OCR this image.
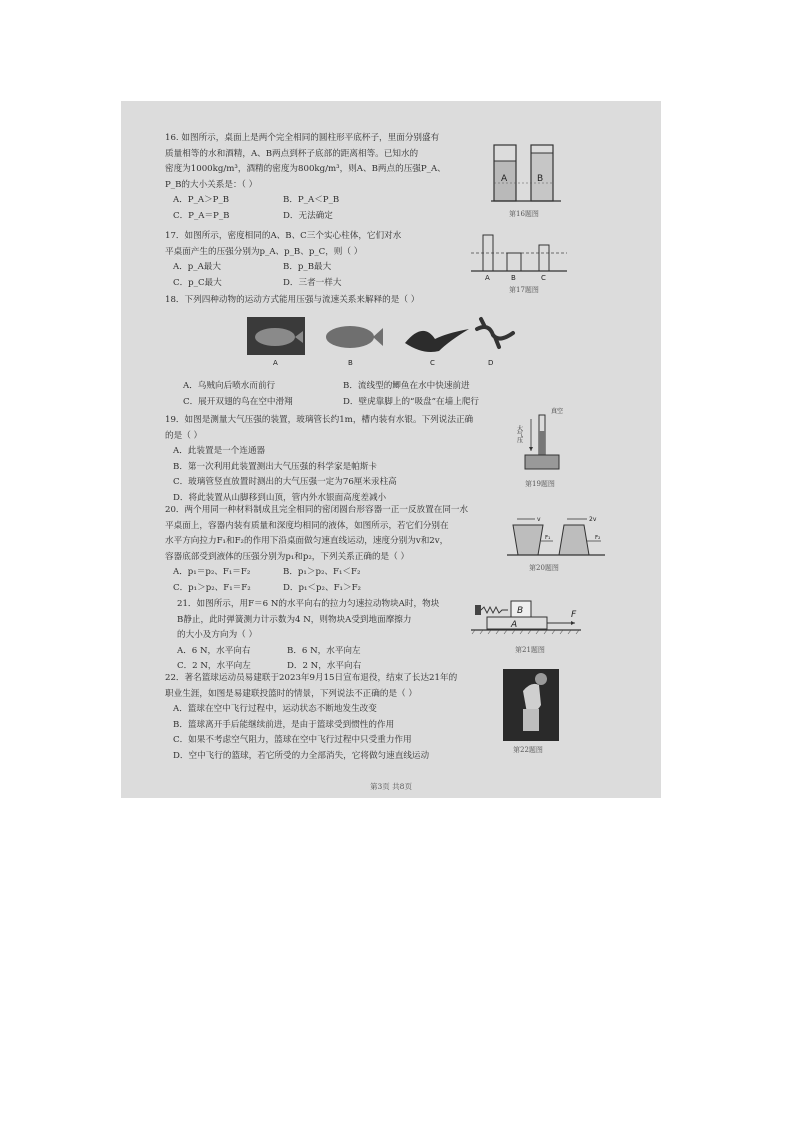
16. 如图所示，桌面上是两个完全相同的圆柱形平底杯子，里面分别盛有
质量相等的水和酒精，A、B两点到杯子底部的距离相等。已知水的
密度为1000kg/m³，酒精的密度为800kg/m³，则A、B两点的压强P_A、
P_B的大小关系是：（ ）
A．P_A＞P_B	B．P_A＜P_B
C．P_A＝P_B	D．无法确定
A	B
第16题图
17．如图所示，密度相同的A、B、C三个实心柱体，它们对水
平桌面产生的压强分别为p_A、p_B、p_C，则（ ）
A．p_A最大	B．p_B最大
C．p_C最大	D．三者一样大	A	B	C
第17题图
18．下列四种动物的运动方式能用压强与流速关系来解释的是（ ）
A	B	C	D
A．乌贼向后喷水而前行	B．流线型的鲫鱼在水中快速前进
C．展开双翅的鸟在空中滑翔	D．壁虎靠脚上的“吸盘”在墙上爬行
19．如图是测量大气压强的装置，玻璃管长约1m，槽内装有水银。下列说法正确
的是（ ）
A．此装置是一个连通器
B．第一次利用此装置测出大气压强的科学家是帕斯卡
C．玻璃管竖直放置时测出的大气压强一定为76厘米汞柱高
D．将此装置从山脚移到山顶，管内外水银面高度差减小
真空
大气压
第19题图
20．两个用同一种材料制成且完全相同的密闭圆台形容器一正一反放置在同一水
平桌面上，容器内装有质量和深度均相同的液体，如图所示，若它们分别在
水平方向拉力F₁和F₂的作用下沿桌面做匀速直线运动，速度分别为v和2v，
容器底部受到液体的压强分别为p₁和p₂，下列关系正确的是（ ）
A．p₁＝p₂、F₁＝F₂	B．p₁＞p₂、F₁＜F₂
C．p₁＞p₂、F₁＝F₂	D．p₁＜p₂、F₁＞F₂
v	2v
F₁	F₂
第20题图
21．如图所示，用F＝6 N的水平向右的拉力匀速拉动物块A时，物块
B静止，此时弹簧测力计示数为4 N，则物块A受到地面摩擦力
的大小及方向为（ ）
A．6 N，水平向右	B．6 N，水平向左
C．2 N，水平向左	D．2 N，水平向右
B
A
F
第21题图
22．著名篮球运动员易建联于2023年9月15日宣布退役，结束了长达21年的
职业生涯，如图是易建联投篮时的情景，下列说法不正确的是（ ）
A．篮球在空中飞行过程中，运动状态不断地发生改变
B．篮球离开手后能继续前进，是由于篮球受到惯性的作用
C．如果不考虑空气阻力，篮球在空中飞行过程中只受重力作用
D．空中飞行的篮球，若它所受的力全部消失，它将做匀速直线运动
第22题图
第3页 共8页
